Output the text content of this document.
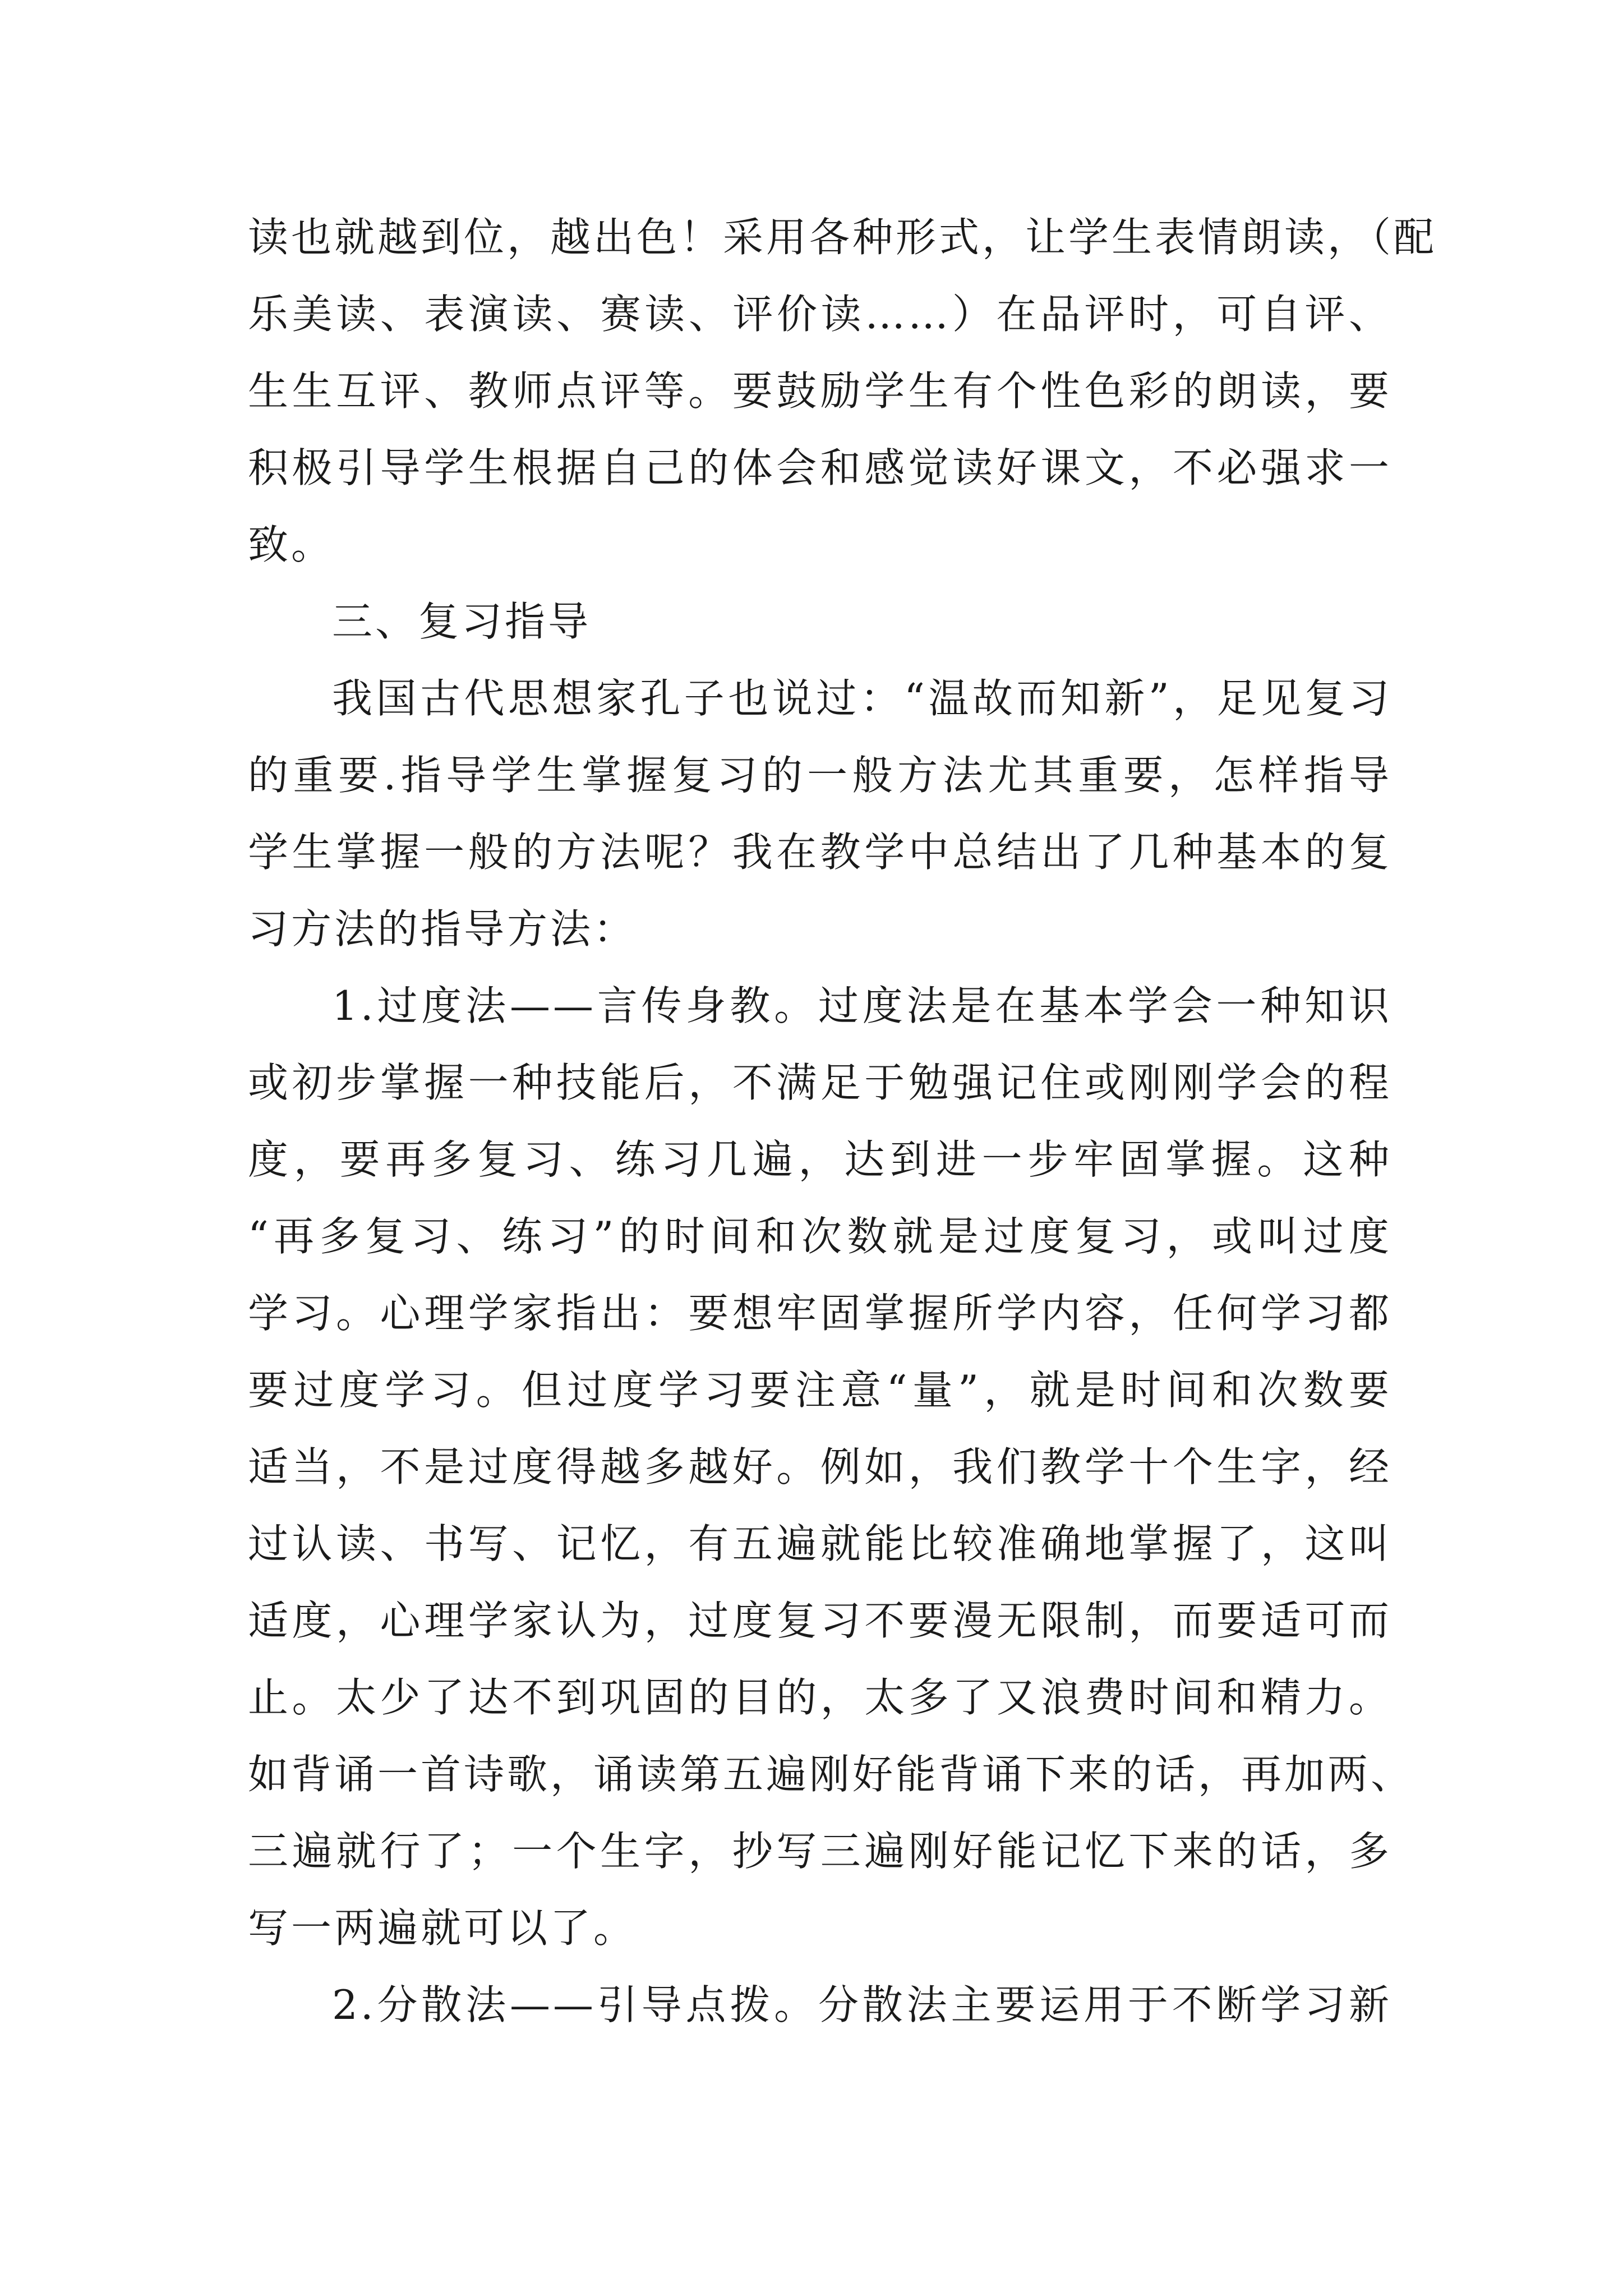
读也就越到位，越出色！采用各种形式，让学生表情朗读，（配
乐美读、表演读、赛读、评价读……）在品评时，可自评、
生生互评、教师点评等。要鼓励学生有个性色彩的朗读，要
积极引导学生根据自己的体会和感觉读好课文，不必强求一
致。
三、复习指导
我国古代思想家孔子也说过：“温故而知新”，足见复习
的重要.指导学生掌握复习的一般方法尤其重要，怎样指导
学生掌握一般的方法呢？我在教学中总结出了几种基本的复
习方法的指导方法：
1.过度法——言传身教。过度法是在基本学会一种知识
或初步掌握一种技能后，不满足于勉强记住或刚刚学会的程
度，要再多复习、练习几遍，达到进一步牢固掌握。这种
“再多复习、练习”的时间和次数就是过度复习，或叫过度
学习。心理学家指出：要想牢固掌握所学内容，任何学习都
要过度学习。但过度学习要注意“量”，就是时间和次数要
适当，不是过度得越多越好。例如，我们教学十个生字，经
过认读、书写、记忆，有五遍就能比较准确地掌握了，这叫
适度，心理学家认为，过度复习不要漫无限制，而要适可而
止。太少了达不到巩固的目的，太多了又浪费时间和精力。
如背诵一首诗歌，诵读第五遍刚好能背诵下来的话，再加两、
三遍就行了；一个生字，抄写三遍刚好能记忆下来的话，多
写一两遍就可以了。
2.分散法——引导点拨。分散法主要运用于不断学习新
